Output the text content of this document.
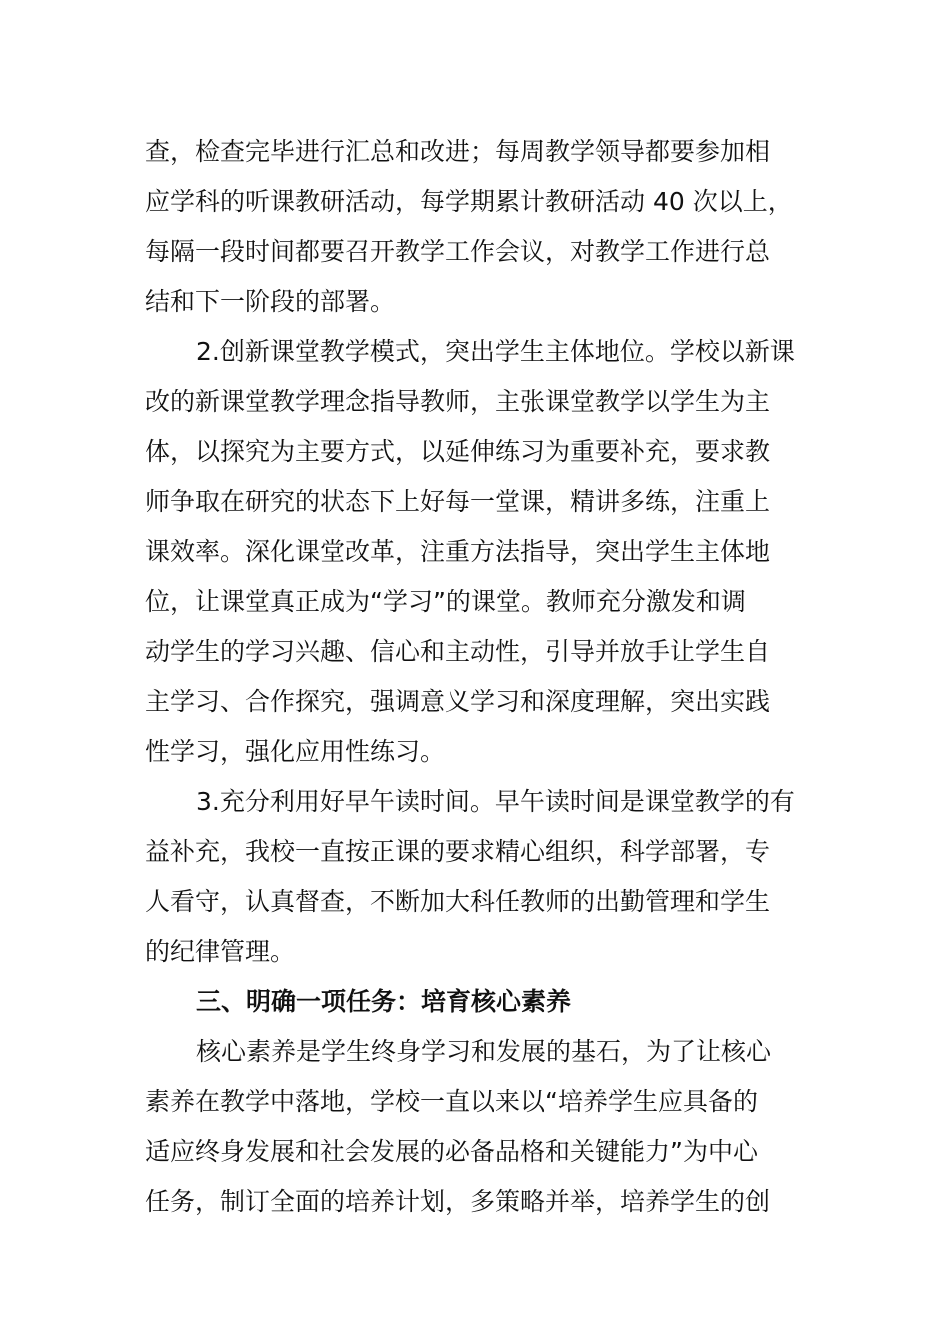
查，检查完毕进行汇总和改进；每周教学领导都要参加相
应学科的听课教研活动，每学期累计教研活动 40 次以上，
每隔一段时间都要召开教学工作会议，对教学工作进行总
结和下一阶段的部署。
2.创新课堂教学模式，突出学生主体地位。学校以新课
改的新课堂教学理念指导教师，主张课堂教学以学生为主
体，以探究为主要方式，以延伸练习为重要补充，要求教
师争取在研究的状态下上好每一堂课，精讲多练，注重上
课效率。深化课堂改革，注重方法指导，突出学生主体地
位，让课堂真正成为“学习”的课堂。教师充分激发和调
动学生的学习兴趣、信心和主动性，引导并放手让学生自
主学习、合作探究，强调意义学习和深度理解，突出实践
性学习，强化应用性练习。
3.充分利用好早午读时间。早午读时间是课堂教学的有
益补充，我校一直按正课的要求精心组织，科学部署，专
人看守，认真督查，不断加大科任教师的出勤管理和学生
的纪律管理。
三、明确一项任务：培育核心素养
核心素养是学生终身学习和发展的基石，为了让核心
素养在教学中落地，学校一直以来以“培养学生应具备的
适应终身发展和社会发展的必备品格和关键能力”为中心
任务，制订全面的培养计划，多策略并举，培养学生的创
